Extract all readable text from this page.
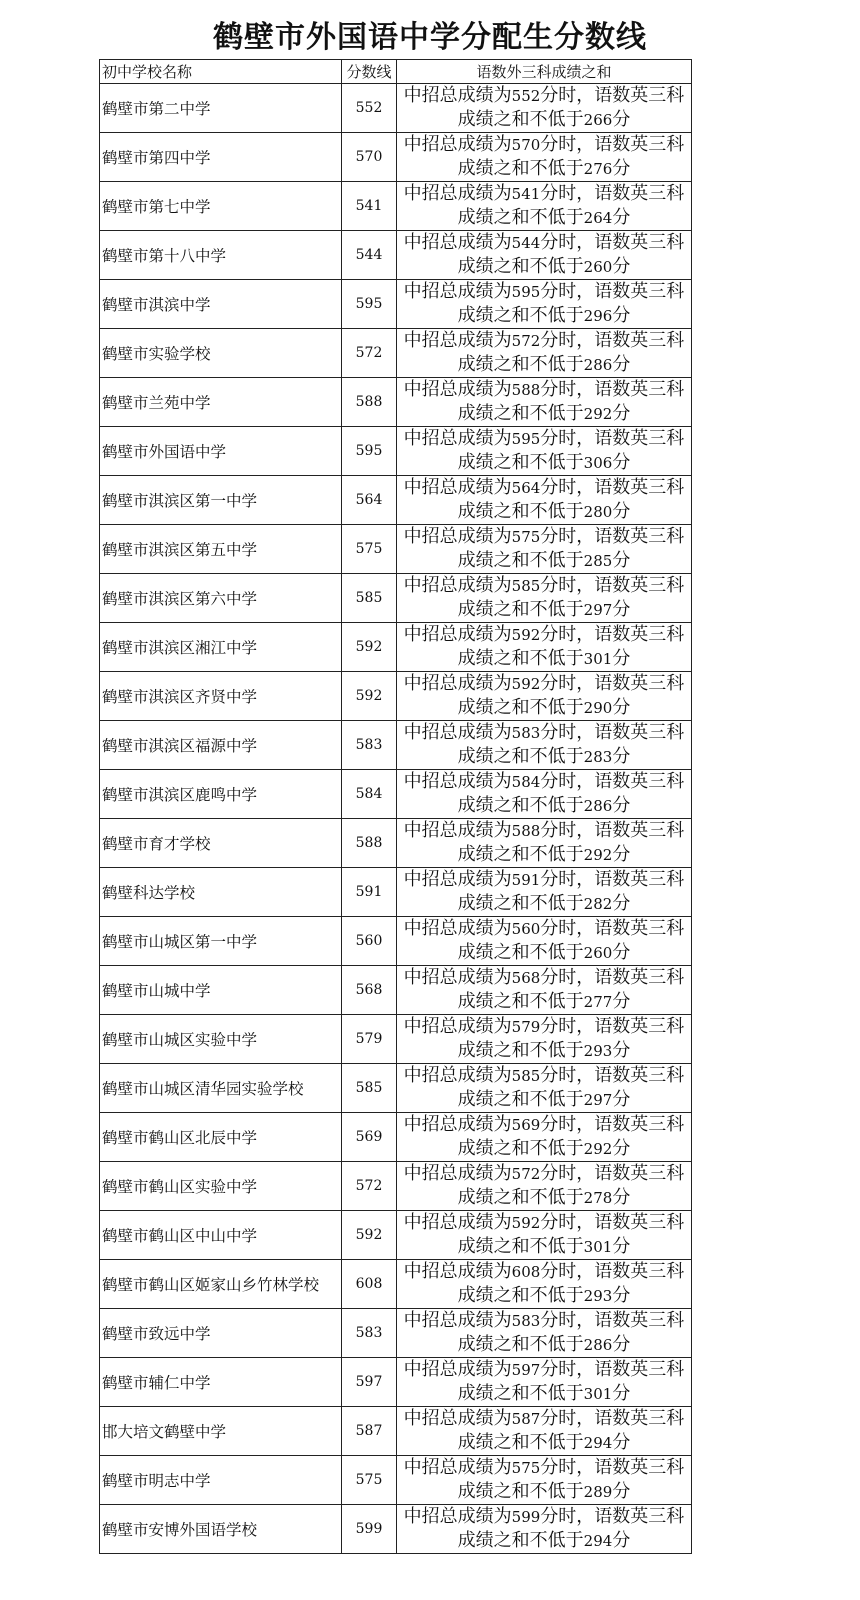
鹤壁市外国语中学分配生分数线
初中学校名称	分数线	语数外三科成绩之和
鹤壁市第二中学	552	中招总成绩为552分时，语数英三科成绩之和不低于266分
鹤壁市第四中学	570	中招总成绩为570分时，语数英三科成绩之和不低于276分
鹤壁市第七中学	541	中招总成绩为541分时，语数英三科成绩之和不低于264分
鹤壁市第十八中学	544	中招总成绩为544分时，语数英三科成绩之和不低于260分
鹤壁市淇滨中学	595	中招总成绩为595分时，语数英三科成绩之和不低于296分
鹤壁市实验学校	572	中招总成绩为572分时，语数英三科成绩之和不低于286分
鹤壁市兰苑中学	588	中招总成绩为588分时，语数英三科成绩之和不低于292分
鹤壁市外国语中学	595	中招总成绩为595分时，语数英三科成绩之和不低于306分
鹤壁市淇滨区第一中学	564	中招总成绩为564分时，语数英三科成绩之和不低于280分
鹤壁市淇滨区第五中学	575	中招总成绩为575分时，语数英三科成绩之和不低于285分
鹤壁市淇滨区第六中学	585	中招总成绩为585分时，语数英三科成绩之和不低于297分
鹤壁市淇滨区湘江中学	592	中招总成绩为592分时，语数英三科成绩之和不低于301分
鹤壁市淇滨区齐贤中学	592	中招总成绩为592分时，语数英三科成绩之和不低于290分
鹤壁市淇滨区福源中学	583	中招总成绩为583分时，语数英三科成绩之和不低于283分
鹤壁市淇滨区鹿鸣中学	584	中招总成绩为584分时，语数英三科成绩之和不低于286分
鹤壁市育才学校	588	中招总成绩为588分时，语数英三科成绩之和不低于292分
鹤壁科达学校	591	中招总成绩为591分时，语数英三科成绩之和不低于282分
鹤壁市山城区第一中学	560	中招总成绩为560分时，语数英三科成绩之和不低于260分
鹤壁市山城中学	568	中招总成绩为568分时，语数英三科成绩之和不低于277分
鹤壁市山城区实验中学	579	中招总成绩为579分时，语数英三科成绩之和不低于293分
鹤壁市山城区清华园实验学校	585	中招总成绩为585分时，语数英三科成绩之和不低于297分
鹤壁市鹤山区北辰中学	569	中招总成绩为569分时，语数英三科成绩之和不低于292分
鹤壁市鹤山区实验中学	572	中招总成绩为572分时，语数英三科成绩之和不低于278分
鹤壁市鹤山区中山中学	592	中招总成绩为592分时，语数英三科成绩之和不低于301分
鹤壁市鹤山区姬家山乡竹林学校	608	中招总成绩为608分时，语数英三科成绩之和不低于293分
鹤壁市致远中学	583	中招总成绩为583分时，语数英三科成绩之和不低于286分
鹤壁市辅仁中学	597	中招总成绩为597分时，语数英三科成绩之和不低于301分
邯大培文鹤壁中学	587	中招总成绩为587分时，语数英三科成绩之和不低于294分
鹤壁市明志中学	575	中招总成绩为575分时，语数英三科成绩之和不低于289分
鹤壁市安博外国语学校	599	中招总成绩为599分时，语数英三科成绩之和不低于294分
